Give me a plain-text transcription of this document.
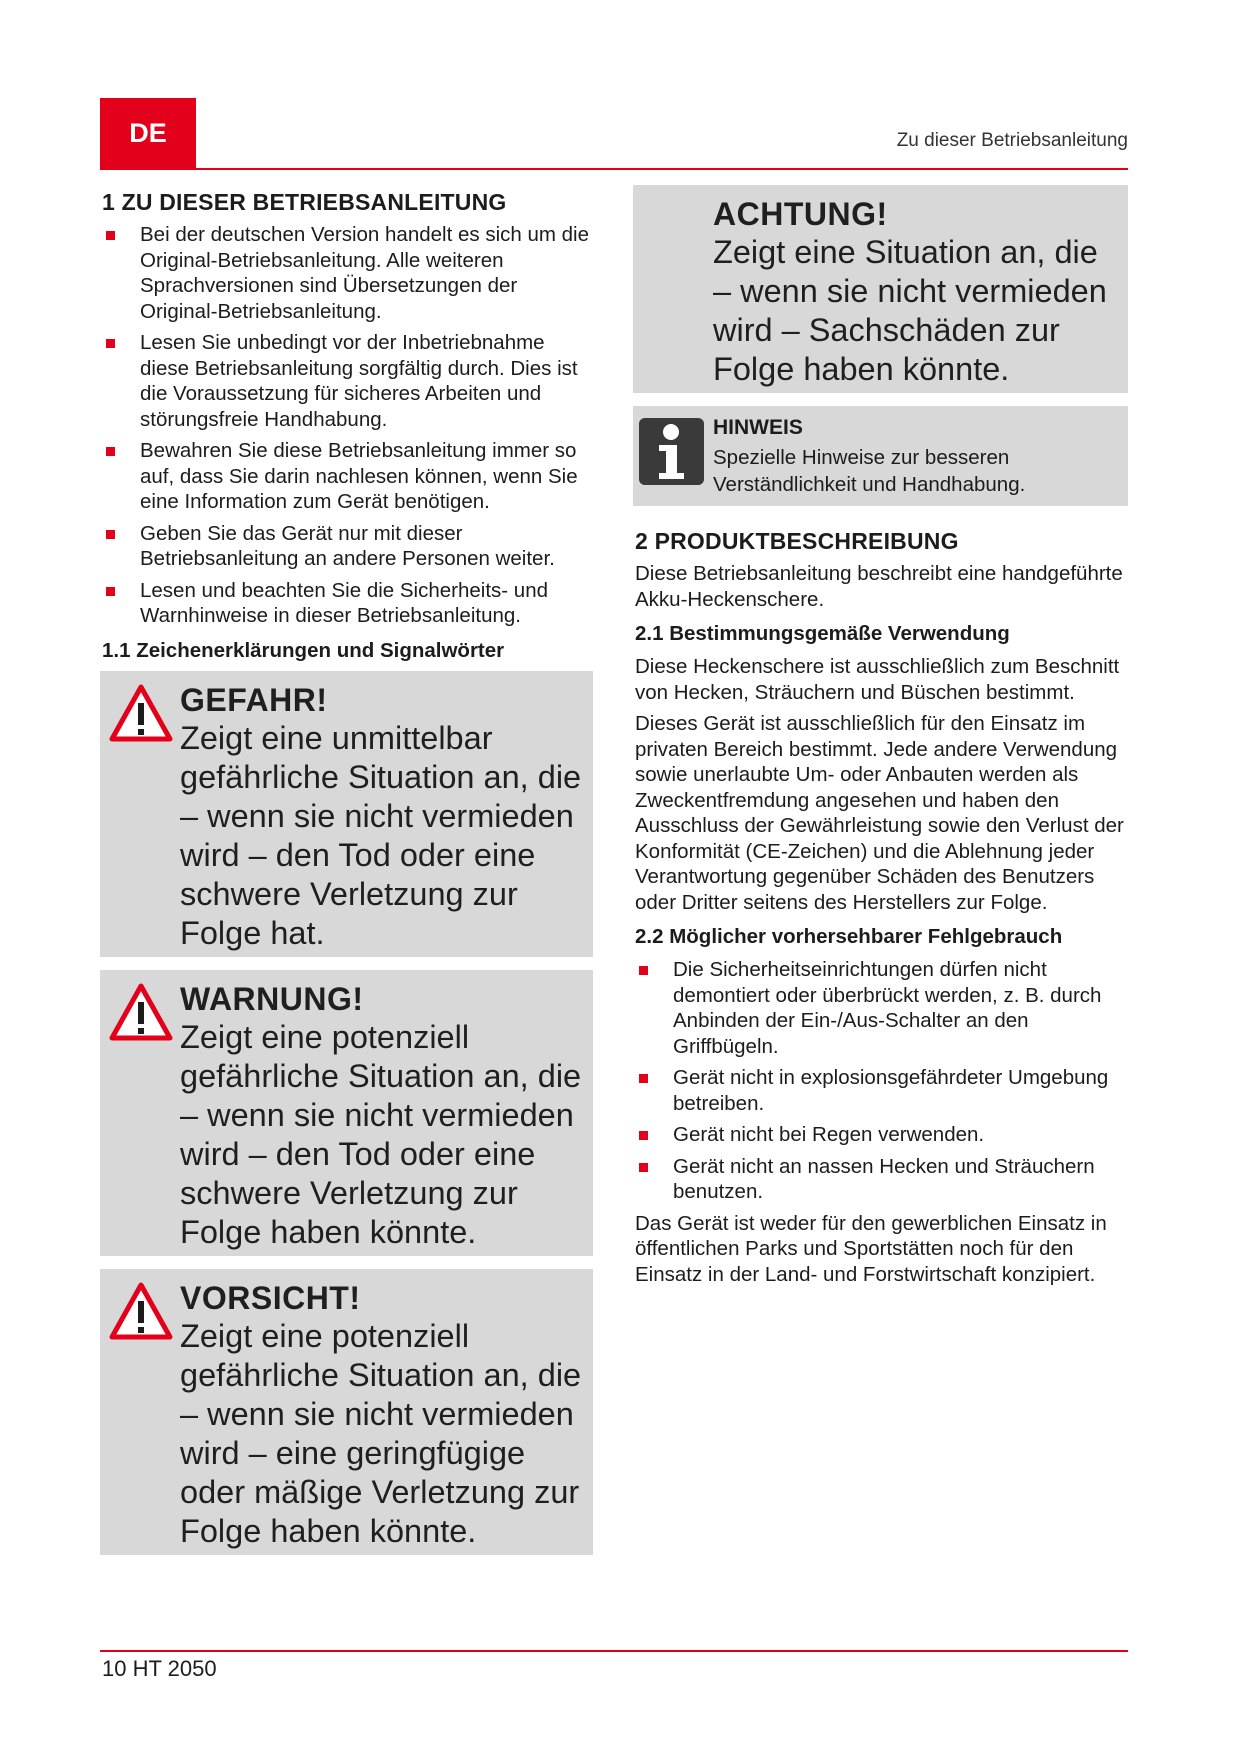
DE	Zu dieser Betriebsanleitung
1 ZU DIESER BETRIEBSANLEITUNG
Bei der deutschen Version handelt es sich um die Original-Betriebsanleitung. Alle weiteren Sprachversionen sind Übersetzungen der Original-Betriebsanleitung.
Lesen Sie unbedingt vor der Inbetriebnahme diese Betriebsanleitung sorgfältig durch. Dies ist die Voraussetzung für sicheres Arbeiten und störungsfreie Handhabung.
Bewahren Sie diese Betriebsanleitung immer so auf, dass Sie darin nachlesen können, wenn Sie eine Information zum Gerät benötigen.
Geben Sie das Gerät nur mit dieser Betriebsanleitung an andere Personen weiter.
Lesen und beachten Sie die Sicherheits- und Warnhinweise in dieser Betriebsanleitung.
1.1 Zeichenerklärungen und Signalwörter
GEFAHR!
Zeigt eine unmittelbar gefährliche Situation an, die – wenn sie nicht vermieden wird – den Tod oder eine schwere Verletzung zur Folge hat.
WARNUNG!
Zeigt eine potenziell gefährliche Situation an, die – wenn sie nicht vermieden wird – den Tod oder eine schwere Verletzung zur Folge haben könnte.
VORSICHT!
Zeigt eine potenziell gefährliche Situation an, die – wenn sie nicht vermieden wird – eine geringfügige oder mäßige Verletzung zur Folge haben könnte.
ACHTUNG!
Zeigt eine Situation an, die – wenn sie nicht vermieden wird – Sachschäden zur Folge haben könnte.
HINWEIS
Spezielle Hinweise zur besseren Verständlichkeit und Handhabung.
2 PRODUKTBESCHREIBUNG

Diese Betriebsanleitung beschreibt eine handgeführte Akku-Heckenschere.

2.1 Bestimmungsgemäße Verwendung

Diese Heckenschere ist ausschließlich zum Beschnitt von Hecken, Sträuchern und Büschen bestimmt.

Dieses Gerät ist ausschließlich für den Einsatz im privaten Bereich bestimmt. Jede andere Verwendung sowie unerlaubte Um- oder Anbauten werden als Zweckentfremdung angesehen und haben den Ausschluss der Gewährleistung sowie den Verlust der Konformität (CE-Zeichen) und die Ablehnung jeder Verantwortung gegenüber Schäden des Benutzers oder Dritter seitens des Herstellers zur Folge.

2.2 Möglicher vorhersehbarer Fehlgebrauch
Die Sicherheitseinrichtungen dürfen nicht demontiert oder überbrückt werden, z. B. durch Anbinden der Ein-/Aus-Schalter an den Griffbügeln.
Gerät nicht in explosionsgefährdeter Umgebung betreiben.
Gerät nicht bei Regen verwenden.
Gerät nicht an nassen Hecken und Sträuchern benutzen.

Das Gerät ist weder für den gewerblichen Einsatz in öffentlichen Parks und Sportstätten noch für den Einsatz in der Land- und Forstwirtschaft konzipiert.

10 HT 2050
